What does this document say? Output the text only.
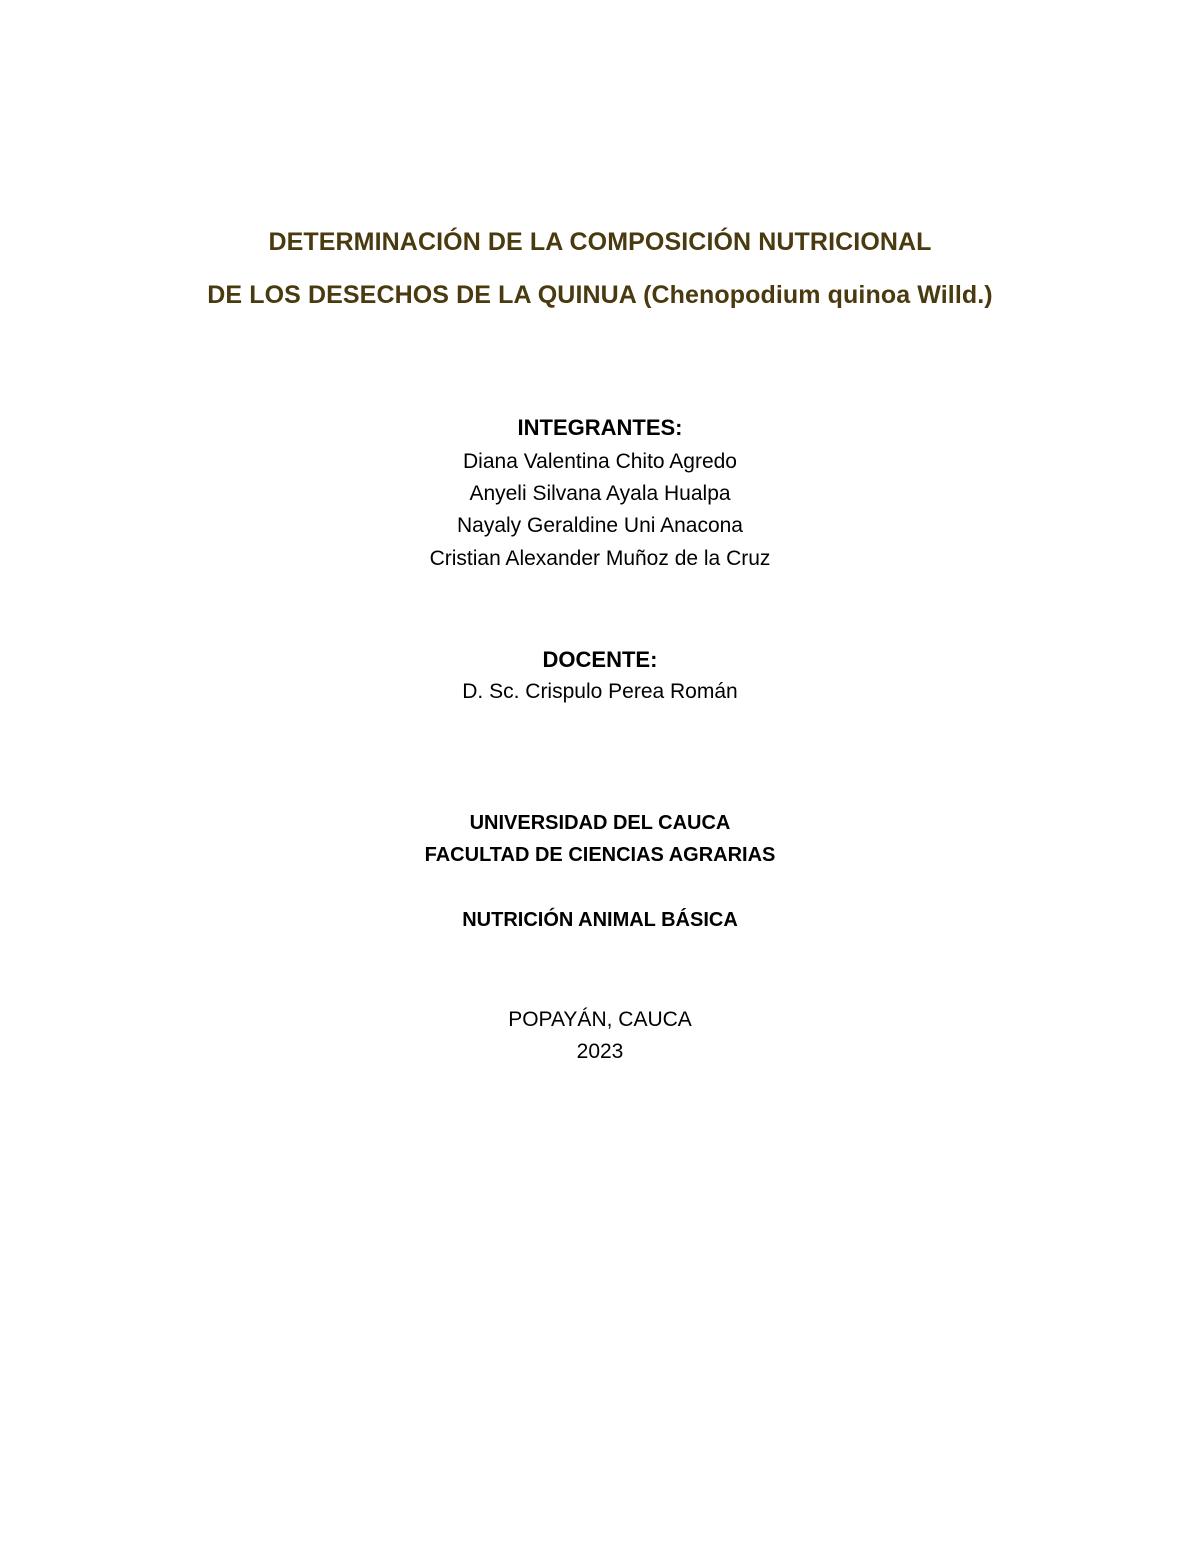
DETERMINACIÓN DE LA COMPOSICIÓN NUTRICIONAL
DE LOS DESECHOS DE LA QUINUA (Chenopodium quinoa Willd.)
INTEGRANTES:
Diana Valentina Chito Agredo
Anyeli Silvana Ayala Hualpa
Nayaly Geraldine Uni Anacona
Cristian Alexander Muñoz de la Cruz
DOCENTE:
D. Sc. Crispulo Perea Román
UNIVERSIDAD DEL CAUCA
FACULTAD DE CIENCIAS AGRARIAS
NUTRICIÓN ANIMAL BÁSICA
POPAYÁN, CAUCA
2023
